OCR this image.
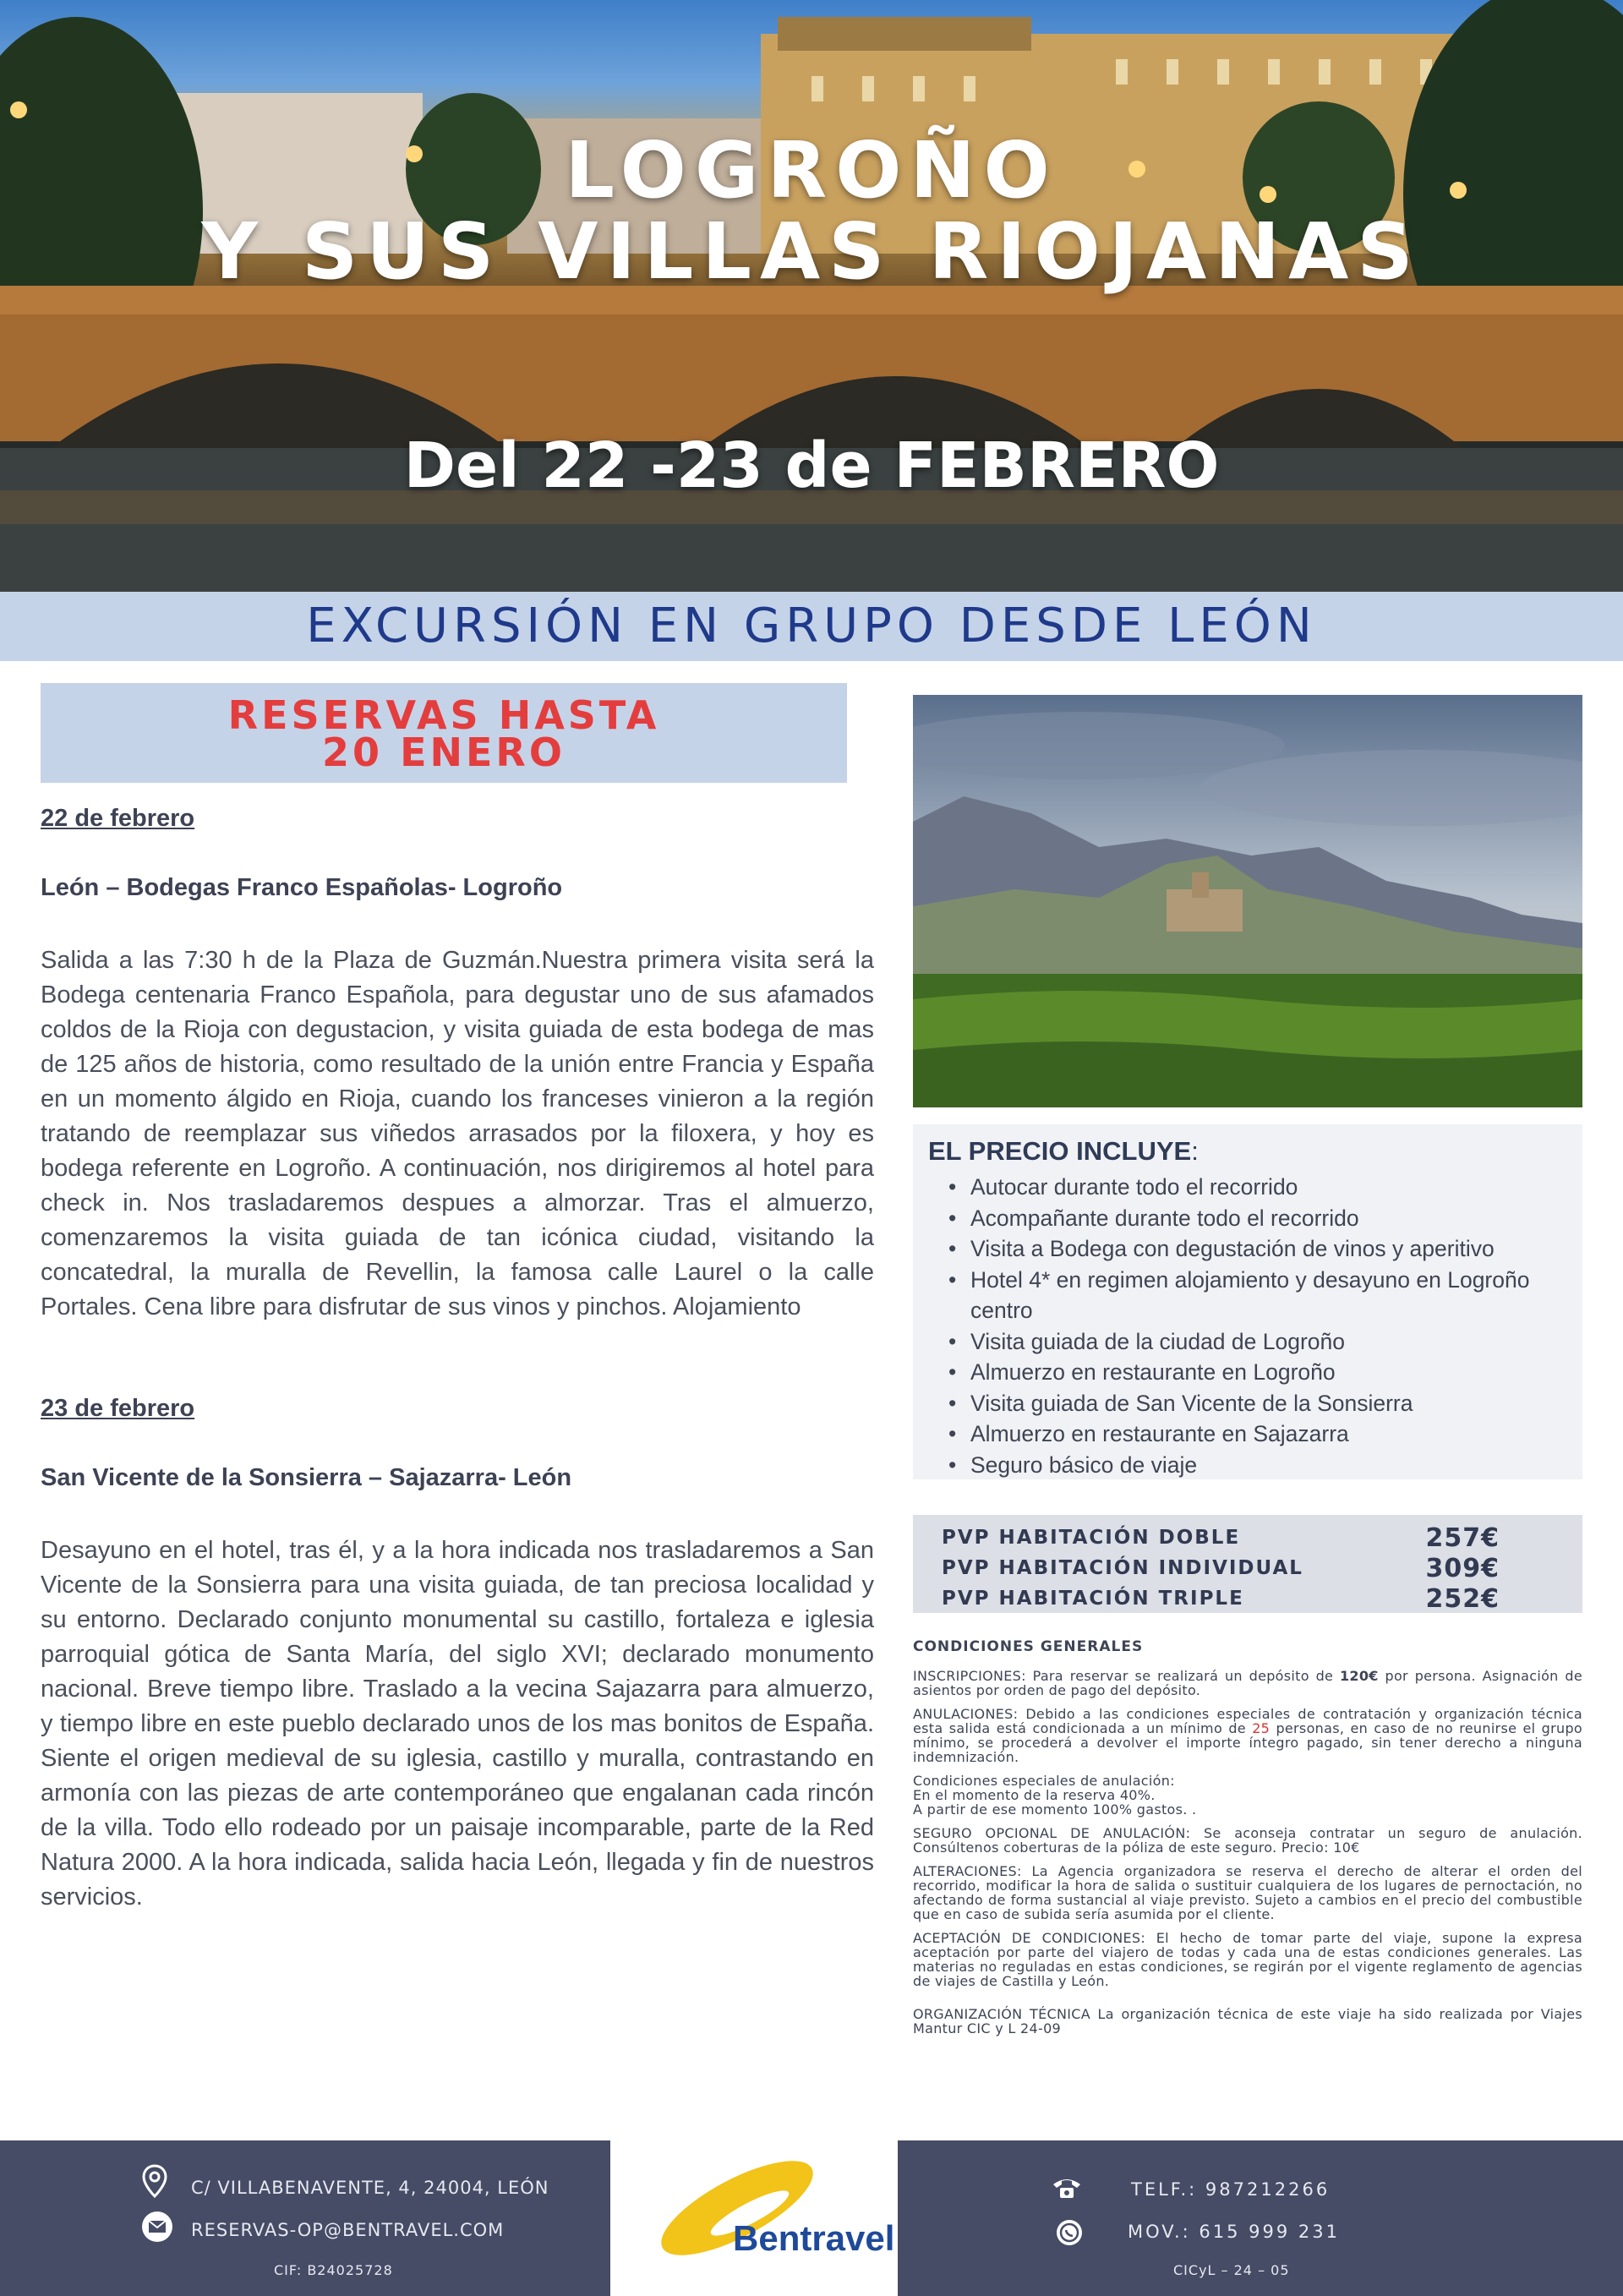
LOGROÑO
Y SUS VILLAS RIOJANAS
Del 22 -23 de FEBRERO
EXCURSIÓN EN GRUPO DESDE LEÓN
RESERVAS HASTA
20 ENERO
22 de febrero
León – Bodegas Franco Españolas- Logroño
Salida a las 7:30 h de la Plaza de Guzmán.Nuestra primera visita será la Bodega centenaria Franco Española, para degustar uno de sus afamados coldos de la Rioja con degustacion, y visita guiada de esta bodega de mas de 125 años de historia, como resultado de la unión entre Francia y España en un momento álgido en Rioja, cuando los franceses vinieron a la región tratando de reemplazar sus viñedos arrasados por la filoxera, y hoy es bodega referente en Logroño. A continuación, nos dirigiremos al hotel para check in. Nos trasladaremos despues a almorzar. Tras el almuerzo, comenzaremos la visita guiada de tan icónica ciudad, visitando la concatedral, la muralla de Revellin, la famosa calle Laurel o la calle Portales. Cena libre para disfrutar de sus vinos y pinchos. Alojamiento
23 de febrero
San Vicente de la Sonsierra – Sajazarra- León
Desayuno en el hotel, tras él, y a la hora indicada nos trasladaremos a San Vicente de la Sonsierra para una visita guiada, de tan preciosa localidad y su entorno. Declarado conjunto monumental su castillo, fortaleza e iglesia parroquial gótica de Santa María, del siglo XVI; declarado monumento nacional. Breve tiempo libre. Traslado a la vecina Sajazarra para almuerzo, y tiempo libre en este pueblo declarado unos de los mas bonitos de España. Siente el origen medieval de su iglesia, castillo y muralla, contrastando en armonía con las piezas de arte contemporáneo que engalanan cada rincón de la villa. Todo ello rodeado por un paisaje incomparable, parte de la Red Natura 2000. A la hora indicada, salida hacia León, llegada y fin de nuestros servicios.
EL PRECIO INCLUYE:
• Autocar durante todo el recorrido
• Acompañante durante todo el recorrido
• Visita a Bodega con degustación de vinos y aperitivo
• Hotel 4* en regimen alojamiento y desayuno en Logroño centro
• Visita guiada de la ciudad de Logroño
• Almuerzo en restaurante en Logroño
• Visita guiada de San Vicente de la Sonsierra
• Almuerzo en restaurante en Sajazarra
• Seguro básico de viaje
PVP HABITACIÓN DOBLE	257€
PVP HABITACIÓN INDIVIDUAL	309€
PVP HABITACIÓN TRIPLE	252€
CONDICIONES GENERALES

INSCRIPCIONES: Para reservar se realizará un depósito de 120€ por persona. Asignación de asientos por orden de pago del depósito.

ANULACIONES: Debido a las condiciones especiales de contratación y organización técnica esta salida está condicionada a un mínimo de 25 personas, en caso de no reunirse el grupo mínimo, se procederá a devolver el importe íntegro pagado, sin tener derecho a ninguna indemnización.

Condiciones especiales de anulación:
En el momento de la reserva 40%.
A partir de ese momento 100% gastos. .

SEGURO OPCIONAL DE ANULACIÓN: Se aconseja contratar un seguro de anulación. Consúltenos coberturas de la póliza de este seguro. Precio: 10€

ALTERACIONES: La Agencia organizadora se reserva el derecho de alterar el orden del recorrido, modificar la hora de salida o sustituir cualquiera de los lugares de pernoctación, no afectando de forma sustancial al viaje previsto. Sujeto a cambios en el precio del combustible que en caso de subida sería asumida por el cliente.

ACEPTACIÓN DE CONDICIONES: El hecho de tomar parte del viaje, supone la expresa aceptación por parte del viajero de todas y cada una de estas condiciones generales. Las materias no reguladas en estas condiciones, se regirán por el vigente reglamento de agencias de viajes de Castilla y León.

ORGANIZACIÓN TÉCNICA La organización técnica de este viaje ha sido realizada por Viajes Mantur CIC y L 24-09

C/ VILLABENAVENTE, 4, 24004, LEÓN
RESERVAS-OP@BENTRAVEL.COM
CIF: B24025728
Bentravel
TELF.: 987212266
MOV.: 615 999 231
CICyL – 24 – 05
